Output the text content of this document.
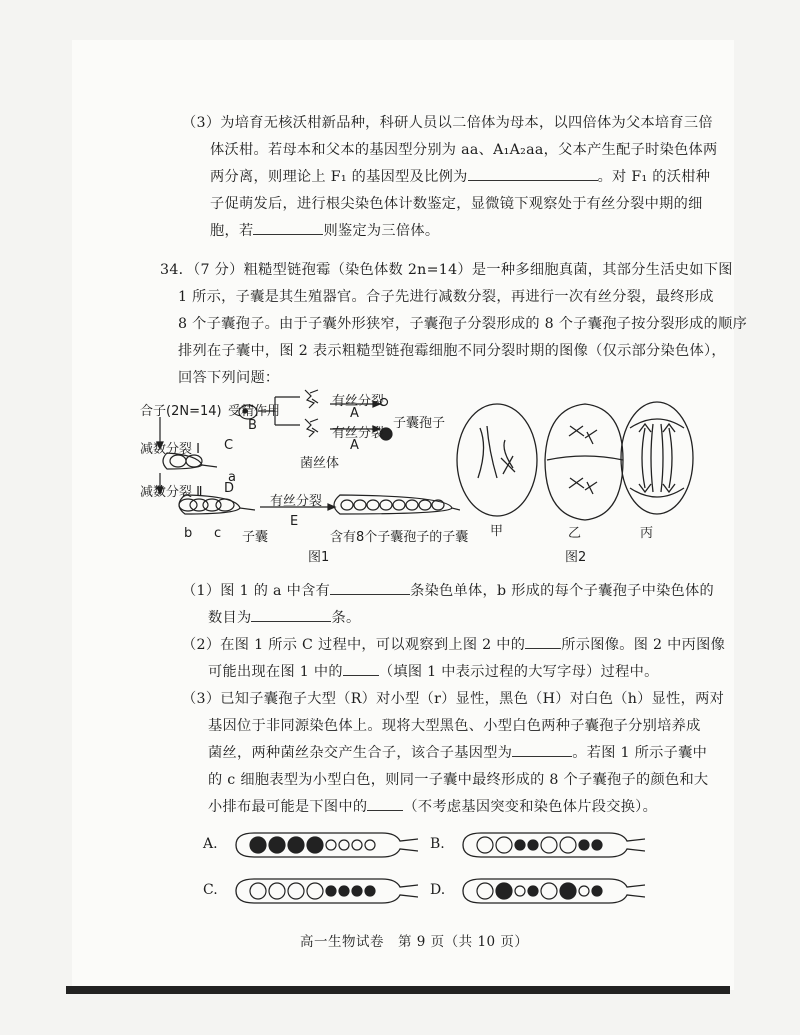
（3）为培育无核沃柑新品种，科研人员以二倍体为母本，以四倍体为父本培育三倍
体沃柑。若母本和父本的基因型分别为 aa、A₁A₂aa，父本产生配子时染色体两
两分离，则理论上 F₁ 的基因型及比例为	。对 F₁ 的沃柑种
子促萌发后，进行根尖染色体计数鉴定，显微镜下观察处于有丝分裂中期的细
胞，若	则鉴定为三倍体。
34．（7 分）粗糙型链孢霉（染色体数 2n=14）是一种多细胞真菌，其部分生活史如下图
1 所示，子囊是其生殖器官。合子先进行减数分裂，再进行一次有丝分裂，最终形成
8 个子囊孢子。由于子囊外形狭窄，子囊孢子分裂形成的 8 个子囊孢子按分裂形成的顺序
排列在子囊中，图 2 表示粗糙型链孢霉细胞不同分裂时期的图像（仅示部分染色体），
回答下列问题：
合子(2N=14) 受精作用
B
有丝分裂
A
有丝分裂
A
子囊孢子
菌丝体
减数分裂 Ⅰ C
a
减数分裂 Ⅱ D
有丝分裂
E
b c 子囊	含有8个子囊孢子的子囊
图1
甲	乙	丙
图2
（1）图 1 的 a 中含有	条染色单体，b 形成的每个子囊孢子中染色体的
数目为	条。
（2）在图 1 所示 C 过程中，可以观察到上图 2 中的	所示图像。图 2 中丙图像
可能出现在图 1 中的	（填图 1 中表示过程的大写字母）过程中。
（3）已知子囊孢子大型（R）对小型（r）显性，黑色（H）对白色（h）显性，两对
基因位于非同源染色体上。现将大型黑色、小型白色两种子囊孢子分别培养成
菌丝，两种菌丝杂交产生合子，该合子基因型为	。若图 1 所示子囊中
的 c 细胞表型为小型白色，则同一子囊中最终形成的 8 个子囊孢子的颜色和大
小排布最可能是下图中的	（不考虑基因突变和染色体片段交换）。
A.	B.
C.	D.
高一生物试卷　第 9 页（共 10 页）
